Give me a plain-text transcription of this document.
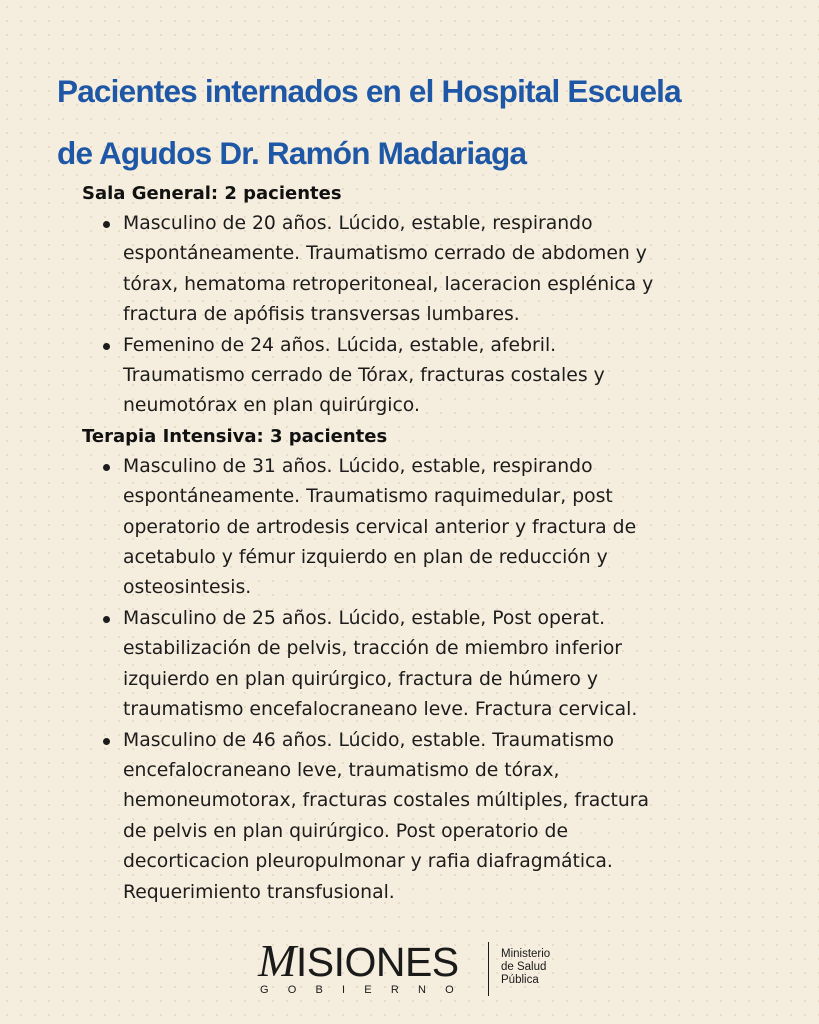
Pacientes internados en el Hospital Escuela
de Agudos Dr. Ramón Madariaga
Sala General: 2 pacientes
Masculino de 20 años. Lúcido, estable, respirando
espontáneamente. Traumatismo cerrado de abdomen y
tórax, hematoma retroperitoneal, laceracion esplénica y
fractura de apófisis transversas lumbares.
Femenino de 24 años. Lúcida, estable, afebril.
Traumatismo cerrado de Tórax, fracturas costales y
neumotórax en plan quirúrgico.
Terapia Intensiva: 3 pacientes
Masculino de 31 años. Lúcido, estable, respirando
espontáneamente. Traumatismo raquimedular, post
operatorio de artrodesis cervical anterior y fractura de
acetabulo y fémur izquierdo en plan de reducción y
osteosintesis.
Masculino de 25 años. Lúcido, estable, Post operat.
estabilización de pelvis, tracción de miembro inferior
izquierdo en plan quirúrgico, fractura de húmero y
traumatismo encefalocraneano leve. Fractura cervical.
Masculino de 46 años. Lúcido, estable. Traumatismo
encefalocraneano leve, traumatismo de tórax,
hemoneumotorax, fracturas costales múltiples, fractura
de pelvis en plan quirúrgico. Post operatorio de
decorticacion pleuropulmonar y rafia diafragmática.
Requerimiento transfusional.
MISIONES
GOBIERNO
Ministerio
de Salud
Pública
